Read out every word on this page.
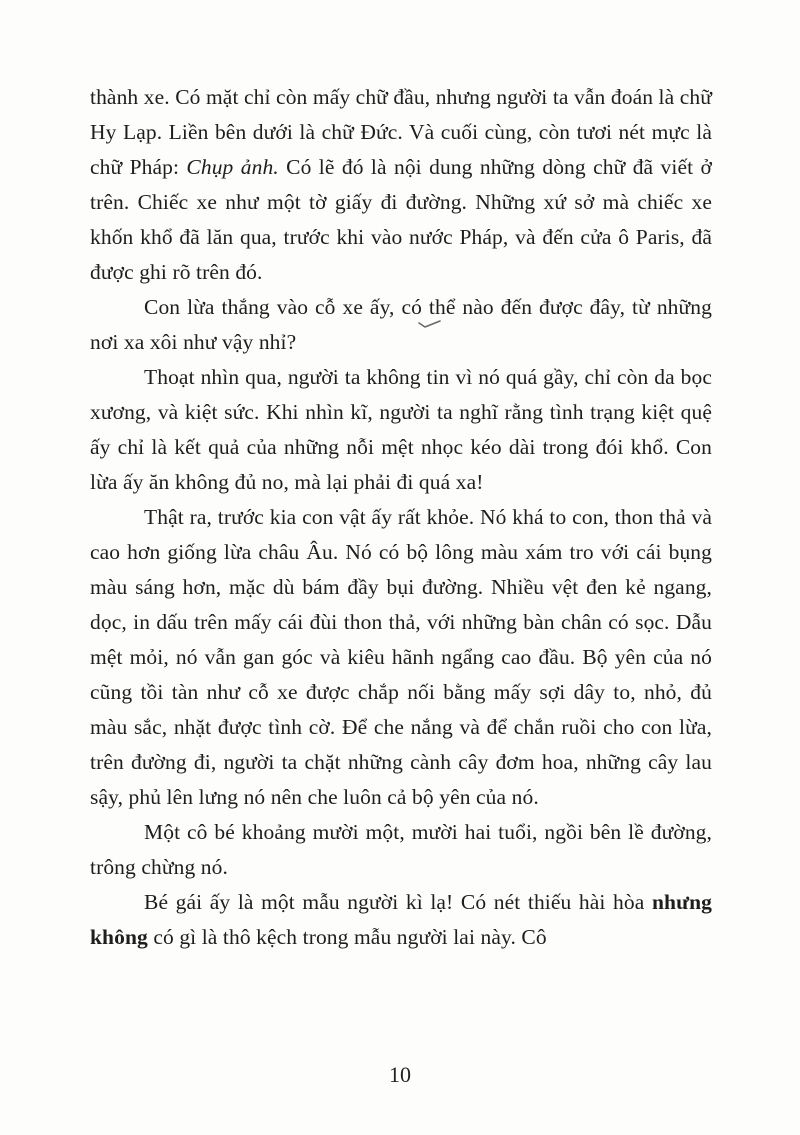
thành xe. Có mặt chỉ còn mấy chữ đầu, nhưng người ta vẫn đoán là chữ Hy Lạp. Liền bên dưới là chữ Đức. Và cuối cùng, còn tươi nét mực là chữ Pháp: Chụp ảnh. Có lẽ đó là nội dung những dòng chữ đã viết ở trên. Chiếc xe như một tờ giấy đi đường. Những xứ sở mà chiếc xe khốn khổ đã lăn qua, trước khi vào nước Pháp, và đến cửa ô Paris, đã được ghi rõ trên đó.

Con lừa thắng vào cỗ xe ấy, có thể nào đến được đây, từ những nơi xa xôi như vậy nhỉ?

Thoạt nhìn qua, người ta không tin vì nó quá gầy, chỉ còn da bọc xương, và kiệt sức. Khi nhìn kĩ, người ta nghĩ rằng tình trạng kiệt quệ ấy chỉ là kết quả của những nỗi mệt nhọc kéo dài trong đói khổ. Con lừa ấy ăn không đủ no, mà lại phải đi quá xa!

Thật ra, trước kia con vật ấy rất khỏe. Nó khá to con, thon thả và cao hơn giống lừa châu Âu. Nó có bộ lông màu xám tro với cái bụng màu sáng hơn, mặc dù bám đầy bụi đường. Nhiều vệt đen kẻ ngang, dọc, in dấu trên mấy cái đùi thon thả, với những bàn chân có sọc. Dẫu mệt mỏi, nó vẫn gan góc và kiêu hãnh ngẩng cao đầu. Bộ yên của nó cũng tồi tàn như cỗ xe được chắp nối bằng mấy sợi dây to, nhỏ, đủ màu sắc, nhặt được tình cờ. Để che nắng và để chắn ruồi cho con lừa, trên đường đi, người ta chặt những cành cây đơm hoa, những cây lau sậy, phủ lên lưng nó nên che luôn cả bộ yên của nó.

Một cô bé khoảng mười một, mười hai tuổi, ngồi bên lề đường, trông chừng nó.

Bé gái ấy là một mẫu người kì lạ! Có nét thiếu hài hòa nhưng không có gì là thô kệch trong mẫu người lai này. Cô

10
